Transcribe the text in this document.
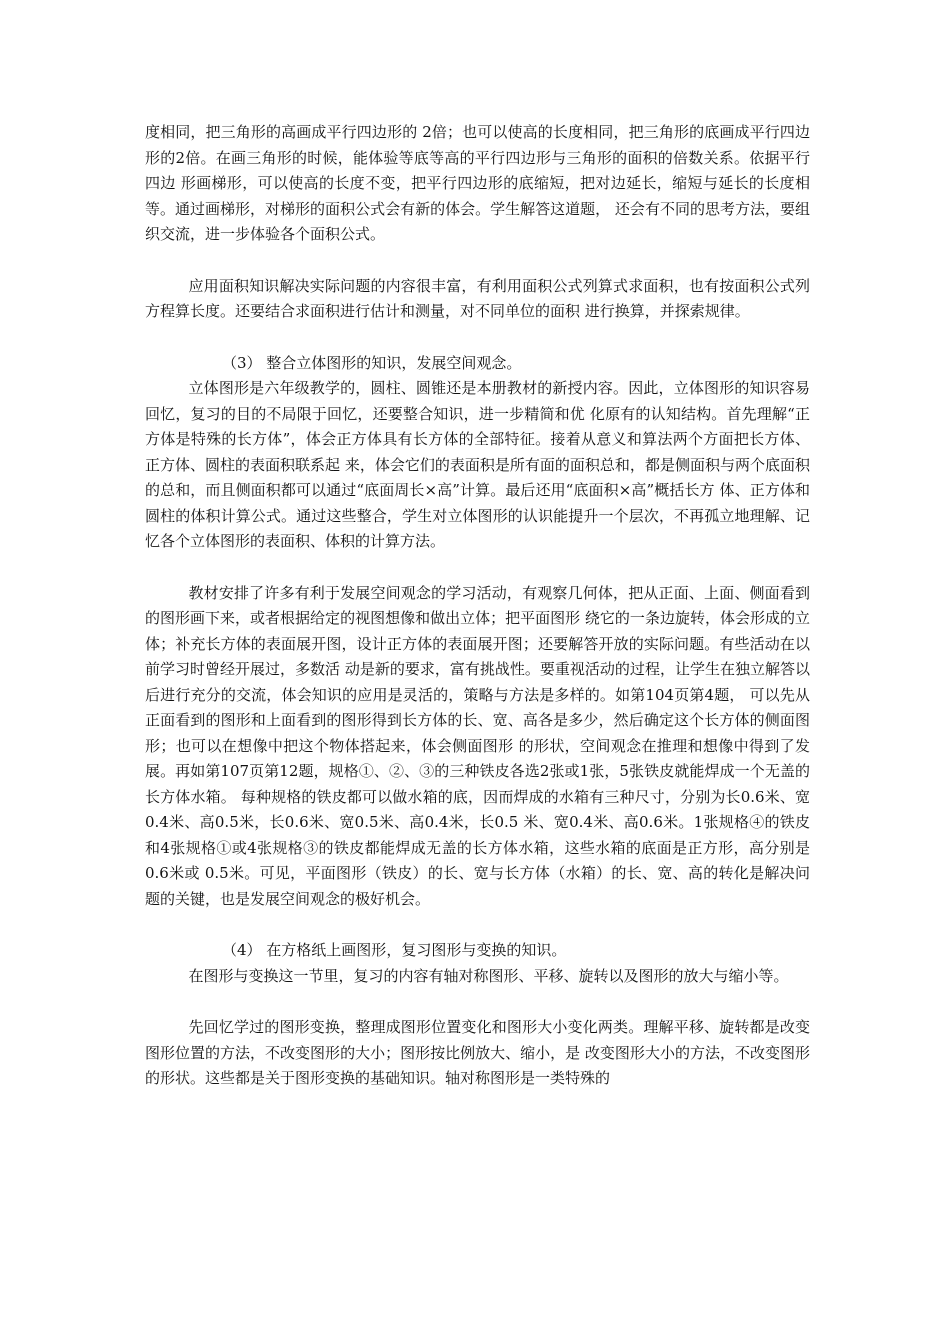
度相同，把三角形的高画成平行四边形的 2倍；也可以使高的长度相同，把三角形的底画成平行四边形的2倍。在画三角形的时候，能体验等底等高的平行四边形与三角形的面积的倍数关系。依据平行四边 形画梯形，可以使高的长度不变，把平行四边形的底缩短，把对边延长，缩短与延长的长度相等。通过画梯形，对梯形的面积公式会有新的体会。学生解答这道题， 还会有不同的思考方法，要组织交流，进一步体验各个面积公式。

应用面积知识解决实际问题的内容很丰富，有利用面积公式列算式求面积，也有按面积公式列方程算长度。还要结合求面积进行估计和测量，对不同单位的面积 进行换算，并探索规律。

（3） 整合立体图形的知识，发展空间观念。

立体图形是六年级教学的，圆柱、圆锥还是本册教材的新授内容。因此，立体图形的知识容易回忆，复习的目的不局限于回忆，还要整合知识，进一步精简和优 化原有的认知结构。首先理解“正方体是特殊的长方体”，体会正方体具有长方体的全部特征。接着从意义和算法两个方面把长方体、正方体、圆柱的表面积联系起 来，体会它们的表面积是所有面的面积总和，都是侧面积与两个底面积的总和，而且侧面积都可以通过“底面周长×高”计算。最后还用“底面积×高”概括长方 体、正方体和圆柱的体积计算公式。通过这些整合，学生对立体图形的认识能提升一个层次，不再孤立地理解、记忆各个立体图形的表面积、体积的计算方法。

教材安排了许多有利于发展空间观念的学习活动，有观察几何体，把从正面、上面、侧面看到的图形画下来，或者根据给定的视图想像和做出立体；把平面图形 绕它的一条边旋转，体会形成的立体；补充长方体的表面展开图，设计正方体的表面展开图；还要解答开放的实际问题。有些活动在以前学习时曾经开展过，多数活 动是新的要求，富有挑战性。要重视活动的过程，让学生在独立解答以后进行充分的交流，体会知识的应用是灵活的，策略与方法是多样的。如第104页第4题， 可以先从正面看到的图形和上面看到的图形得到长方体的长、宽、高各是多少，然后确定这个长方体的侧面图形；也可以在想像中把这个物体搭起来，体会侧面图形 的形状，空间观念在推理和想像中得到了发展。再如第107页第12题，规格①、②、③的三种铁皮各选2张或1张，5张铁皮就能焊成一个无盖的长方体水箱。 每种规格的铁皮都可以做水箱的底，因而焊成的水箱有三种尺寸，分别为长0.6米、宽0.4米、高0.5米，长0.6米、宽0.5米、高0.4米，长0.5 米、宽0.4米、高0.6米。1张规格④的铁皮和4张规格①或4张规格③的铁皮都能焊成无盖的长方体水箱，这些水箱的底面是正方形，高分别是0.6米或 0.5米。可见，平面图形（铁皮）的长、宽与长方体（水箱）的长、宽、高的转化是解决问题的关键，也是发展空间观念的极好机会。

（4） 在方格纸上画图形，复习图形与变换的知识。

在图形与变换这一节里，复习的内容有轴对称图形、平移、旋转以及图形的放大与缩小等。

先回忆学过的图形变换，整理成图形位置变化和图形大小变化两类。理解平移、旋转都是改变图形位置的方法，不改变图形的大小；图形按比例放大、缩小，是 改变图形大小的方法，不改变图形的形状。这些都是关于图形变换的基础知识。轴对称图形是一类特殊的
